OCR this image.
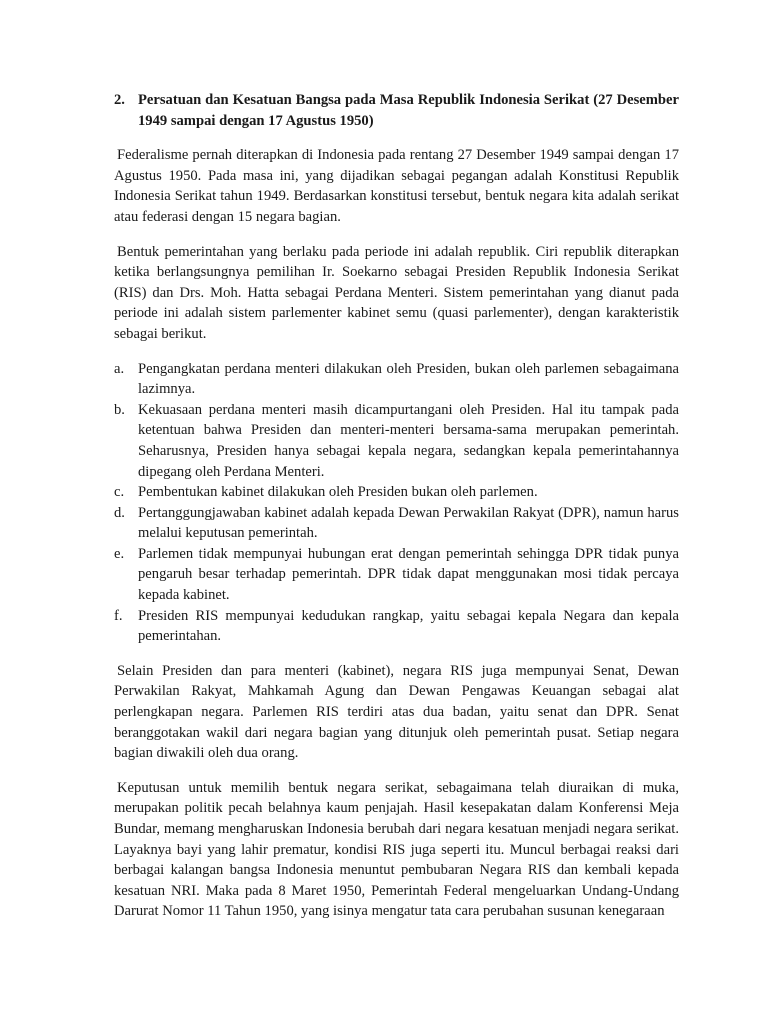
2. Persatuan dan Kesatuan Bangsa pada Masa Republik Indonesia Serikat (27 Desember 1949 sampai dengan 17 Agustus 1950)

Federalisme pernah diterapkan di Indonesia pada rentang 27 Desember 1949 sampai dengan 17 Agustus 1950. Pada masa ini, yang dijadikan sebagai pegangan adalah Konstitusi Republik Indonesia Serikat tahun 1949. Berdasarkan konstitusi tersebut, bentuk negara kita adalah serikat atau federasi dengan 15 negara bagian.

Bentuk pemerintahan yang berlaku pada periode ini adalah republik. Ciri republik diterapkan ketika berlangsungnya pemilihan Ir. Soekarno sebagai Presiden Republik Indonesia Serikat (RIS) dan Drs. Moh. Hatta sebagai Perdana Menteri. Sistem pemerintahan yang dianut pada periode ini adalah sistem parlementer kabinet semu (quasi parlementer), dengan karakteristik sebagai berikut.

a. Pengangkatan perdana menteri dilakukan oleh Presiden, bukan oleh parlemen sebagaimana lazimnya.
b. Kekuasaan perdana menteri masih dicampurtangani oleh Presiden. Hal itu tampak pada ketentuan bahwa Presiden dan menteri-menteri bersama-sama merupakan pemerintah. Seharusnya, Presiden hanya sebagai kepala negara, sedangkan kepala pemerintahannya dipegang oleh Perdana Menteri.
c. Pembentukan kabinet dilakukan oleh Presiden bukan oleh parlemen.
d. Pertanggungjawaban kabinet adalah kepada Dewan Perwakilan Rakyat (DPR), namun harus melalui keputusan pemerintah.
e. Parlemen tidak mempunyai hubungan erat dengan pemerintah sehingga DPR tidak punya pengaruh besar terhadap pemerintah. DPR tidak dapat menggunakan mosi tidak percaya kepada kabinet.
f.	Presiden RIS mempunyai kedudukan rangkap, yaitu sebagai kepala Negara dan kepala pemerintahan.

Selain Presiden dan para menteri (kabinet), negara RIS juga mempunyai Senat, Dewan Perwakilan Rakyat, Mahkamah Agung dan Dewan Pengawas Keuangan sebagai alat perlengkapan negara. Parlemen RIS terdiri atas dua badan, yaitu senat dan DPR. Senat beranggotakan wakil dari negara bagian yang ditunjuk oleh pemerintah pusat. Setiap negara bagian diwakili oleh dua orang.

Keputusan untuk memilih bentuk negara serikat, sebagaimana telah diuraikan di muka, merupakan politik pecah belahnya kaum penjajah. Hasil kesepakatan dalam Konferensi Meja Bundar, memang mengharuskan Indonesia berubah dari negara kesatuan menjadi negara serikat. Layaknya bayi yang lahir prematur, kondisi RIS juga seperti itu. Muncul berbagai reaksi dari berbagai kalangan bangsa Indonesia menuntut pembubaran Negara RIS dan kembali kepada kesatuan NRI. Maka pada 8 Maret 1950, Pemerintah Federal mengeluarkan Undang-Undang Darurat Nomor 11 Tahun 1950, yang isinya mengatur tata cara perubahan susunan kenegaraan
